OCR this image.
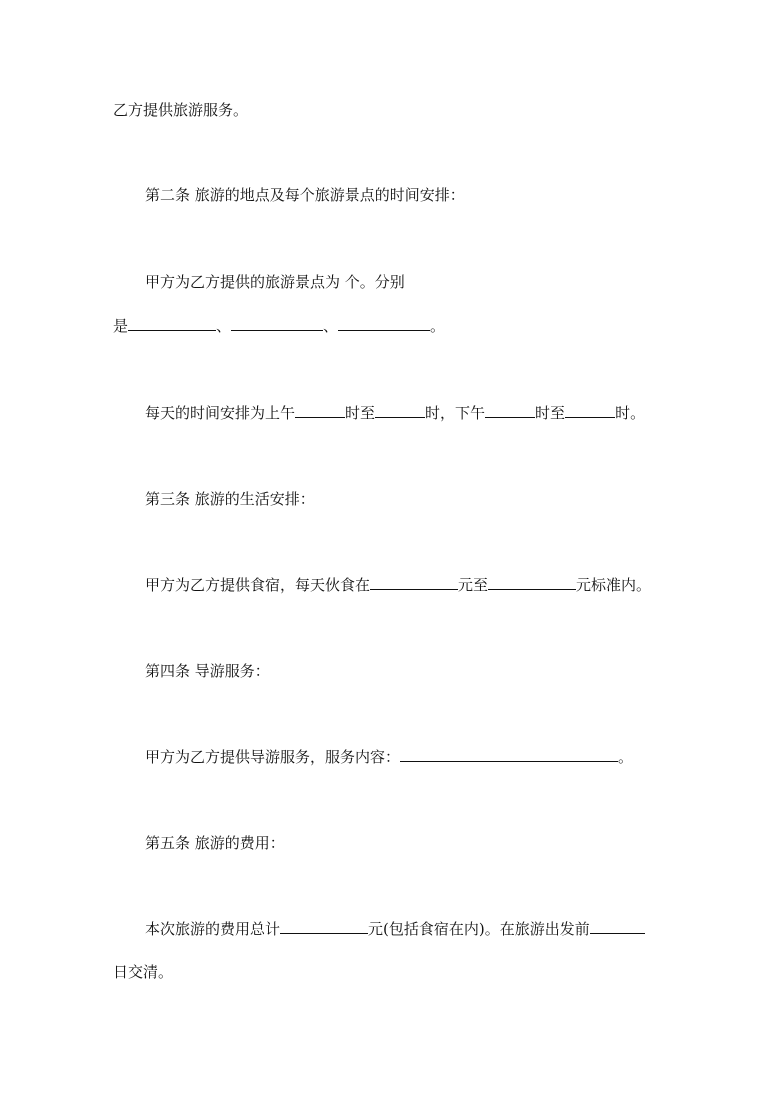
乙方提供旅游服务。
第二条 旅游的地点及每个旅游景点的时间安排：
甲方为乙方提供的旅游景点为 个。分别
是	、	、	。
每天的时间安排为上午	时至	时，下午	时至	时。
第三条 旅游的生活安排：
甲方为乙方提供食宿，每天伙食在	元至	元标准内。
第四条 导游服务：
甲方为乙方提供导游服务，服务内容：	。
第五条 旅游的费用：
本次旅游的费用总计	元(包括食宿在内)。在旅游出发前
日交清。
